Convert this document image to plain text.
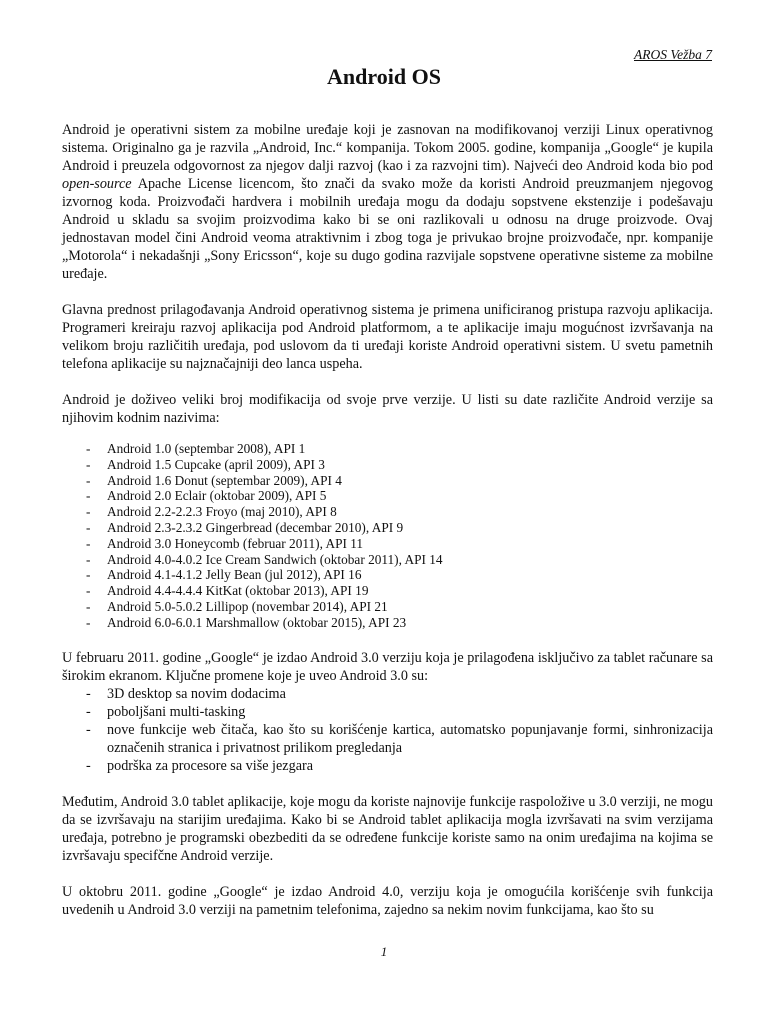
AROS Vežba 7
Android OS

Android je operativni sistem za mobilne uređaje koji je zasnovan na modifikovanoj verziji Linux operativnog sistema. Originalno ga je razvila „Android, Inc.“ kompanija. Tokom 2005. godine, kompanija „Google“ je kupila Android i preuzela odgovornost za njegov dalji razvoj (kao i za razvojni tim). Najveći deo Android koda bio pod open-source Apache License licencom, što znači da svako može da koristi Android preuzmanjem njegovog izvornog koda. Proizvođači hardvera i mobilnih uređaja mogu da dodaju sopstvene ekstenzije i podešavaju Android u skladu sa svojim proizvodima kako bi se oni razlikovali u odnosu na druge proizvode. Ovaj jednostavan model čini Android veoma atraktivnim i zbog toga je privukao brojne proizvođače, npr. kompanije „Motorola“ i nekadašnji „Sony Ericsson“, koje su dugo godina razvijale sopstvene operativne sisteme za mobilne uređaje.

Glavna prednost prilagođavanja Android operativnog sistema je primena unificiranog pristupa razvoju aplikacija. Programeri kreiraju razvoj aplikacija pod Android platformom, a te aplikacije imaju mogućnost izvršavanja na velikom broju različitih uređaja, pod uslovom da ti uređaji koriste Android operativni sistem. U svetu pametnih telefona aplikacije su najznačajniji deo lanca uspeha.

Android je doživeo veliki broj modifikacija od svoje prve verzije. U listi su date različite Android verzije sa njihovim kodnim nazivima:

- Android 1.0 (septembar 2008), API 1
- Android 1.5 Cupcake (april 2009), API 3
- Android 1.6 Donut (septembar 2009), API 4
- Android 2.0 Eclair (oktobar 2009), API 5
- Android 2.2-2.2.3 Froyo (maj 2010), API 8
- Android 2.3-2.3.2 Gingerbread (decembar 2010), API 9
- Android 3.0 Honeycomb (februar 2011), API 11
- Android 4.0-4.0.2 Ice Cream Sandwich (oktobar 2011), API 14
- Android 4.1-4.1.2 Jelly Bean (jul 2012), API 16
- Android 4.4-4.4.4 KitKat (oktobar 2013), API 19
- Android 5.0-5.0.2 Lillipop (novembar 2014), API 21
- Android 6.0-6.0.1 Marshmallow (oktobar 2015), API 23

U februaru 2011. godine „Google“ je izdao Android 3.0 verziju koja je prilagođena isključivo za tablet računare sa širokim ekranom. Ključne promene koje je uveo Android 3.0 su:

- 3D desktop sa novim dodacima
- poboljšani multi-tasking
- nove funkcije web čitača, kao što su korišćenje kartica, automatsko popunjavanje formi, sinhronizacija označenih stranica i privatnost prilikom pregledanja
- podrška za procesore sa više jezgara

Međutim, Android 3.0 tablet aplikacije, koje mogu da koriste najnovije funkcije raspoložive u 3.0 verziji, ne mogu da se izvršavaju na starijim uređajima. Kako bi se Android tablet aplikacija mogla izvršavati na svim verzijama uređaja, potrebno je programski obezbediti da se određene funkcije koriste samo na onim uređajima na kojima se izvršavaju specifčne Android verzije.

U oktobru 2011. godine „Google“ je izdao Android 4.0, verziju koja je omogućila korišćenje svih funkcija uvedenih u Android 3.0 verziji na pametnim telefonima, zajedno sa nekim novim funkcijama, kao što su

1
